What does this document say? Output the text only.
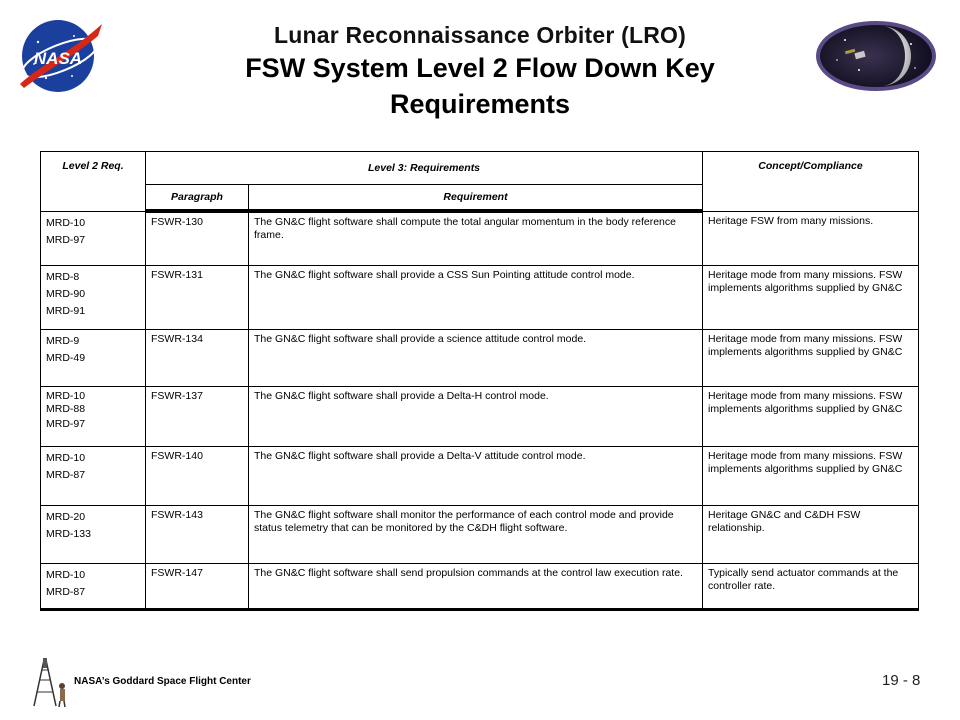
NASA
Lunar Reconnaissance Orbiter (LRO)
FSW System Level 2 Flow Down Key
Requirements
Level 2 Req.	Level 3: Requirements		Concept/Compliance
	Paragraph	Requirement	

MRD-10
MRD-97	FSWR-130	The GN&C flight software shall compute the total angular momentum in the body reference frame.	Heritage FSW from many missions.

MRD-8
MRD-90
MRD-91	FSWR-131	The GN&C flight software shall provide a CSS Sun Pointing attitude control mode.	Heritage mode from many missions. FSW implements algorithms supplied by GN&C

MRD-9
MRD-49	FSWR-134	The GN&C flight software shall provide a science attitude control mode.	Heritage mode from many missions. FSW implements algorithms supplied by GN&C

MRD-10
MRD-88
MRD-97	FSWR-137	The GN&C flight software shall provide a Delta-H control mode.	Heritage mode from many missions. FSW implements algorithms supplied by GN&C

MRD-10
MRD-87	FSWR-140	The GN&C flight software shall provide a Delta-V attitude control mode.	Heritage mode from many missions. FSW implements algorithms supplied by GN&C

MRD-20
MRD-133	FSWR-143	The GN&C flight software shall monitor the performance of each control mode and provide status telemetry that can be monitored by the C&DH flight software.	Heritage GN&C and C&DH FSW relationship.

MRD-10
MRD-87	FSWR-147	The GN&C flight software shall send propulsion commands at the control law execution rate.	Typically send actuator commands at the controller rate.
NASA’s Goddard Space Flight Center	19 - 8
